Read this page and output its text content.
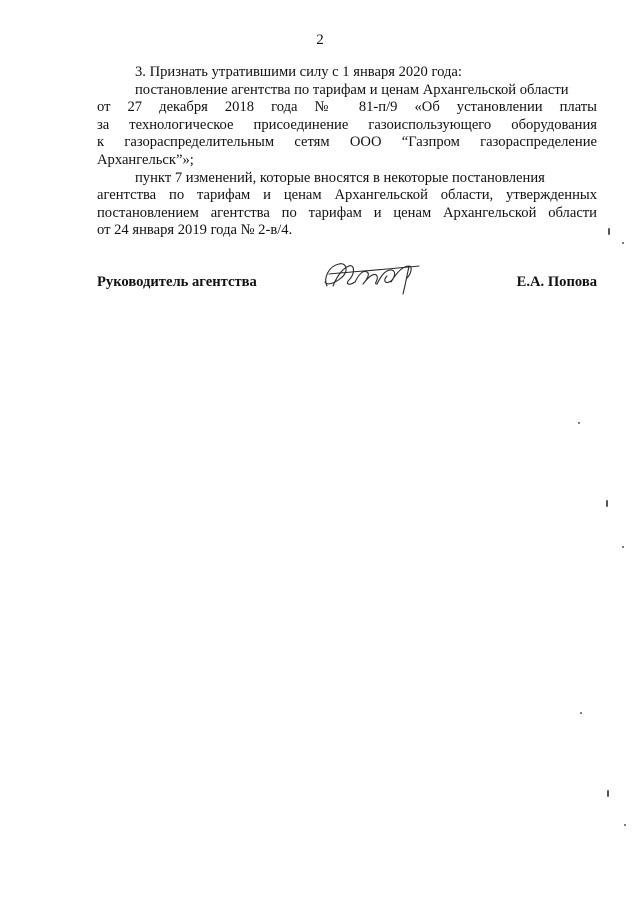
2

3. Признать утратившими силу с 1 января 2020 года:

постановление агентства по тарифам и ценам Архангельской области

от 27 декабря 2018 года № 81-п/9 «Об установлении платы
за технологическое присоединение газоиспользующего оборудования
к газораспределительным сетям ООО “Газпром газораспределение
Архангельск”»;

пункт 7 изменений, которые вносятся в некоторые постановления

агентства по тарифам и ценам Архангельской области, утвержденных
постановлением агентства по тарифам и ценам Архангельской области
от 24 января 2019 года № 2-в/4.
Руководитель агентства	Е.А. Попова
